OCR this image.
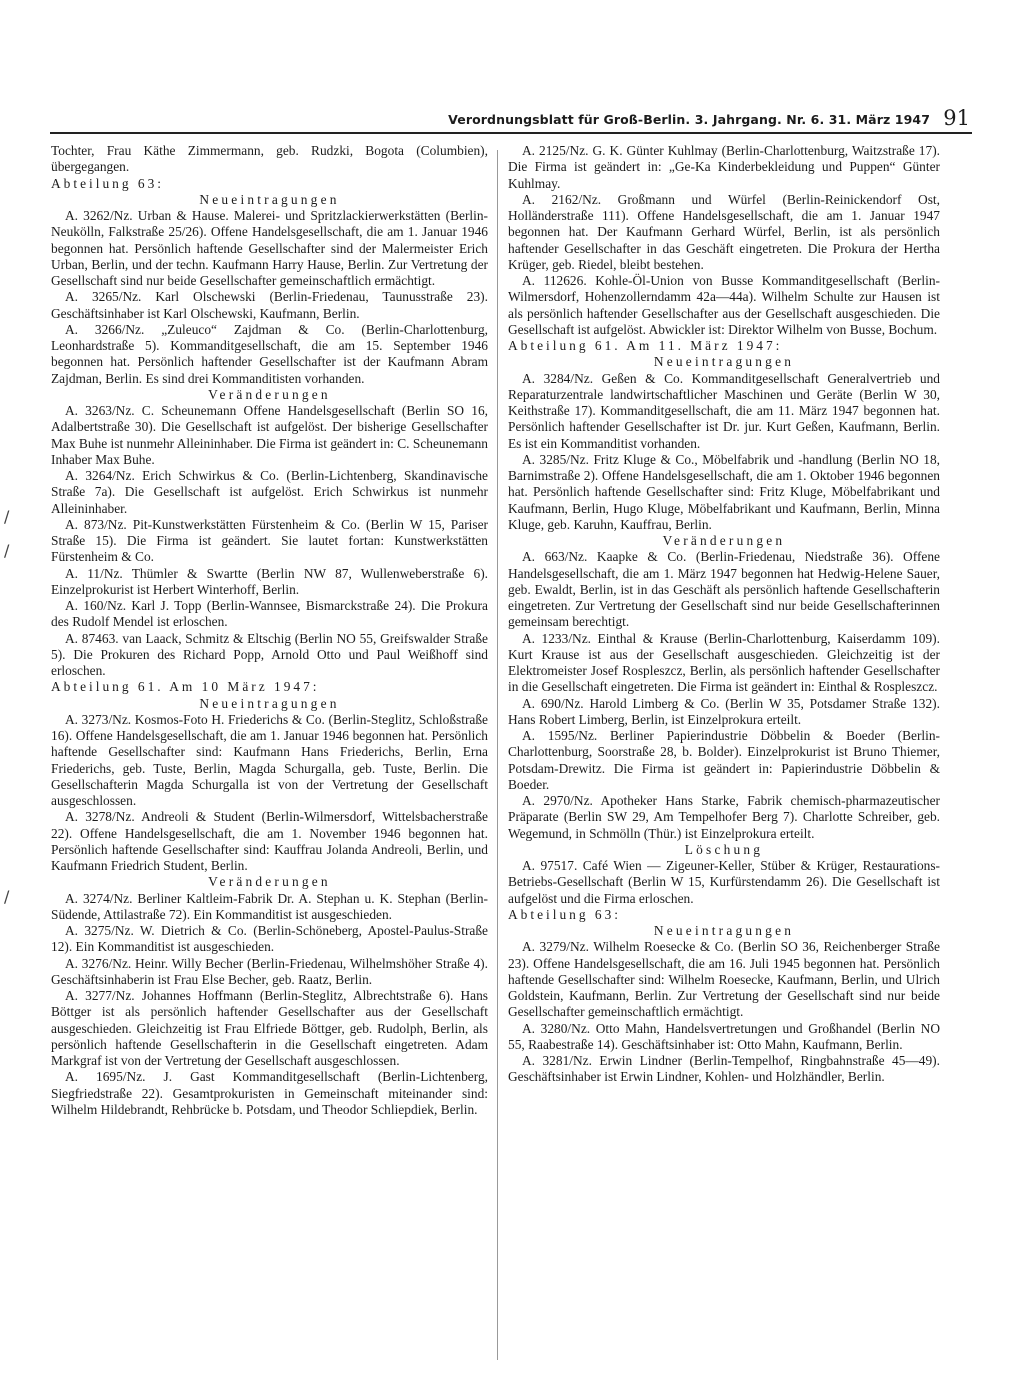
Verordnungsblatt für Groß-Berlin. 3. Jahrgang. Nr. 6. 31. März 1947 91
/
/
/

Tochter, Frau Käthe Zimmermann, geb. Rudzki, Bogota (Columbien), übergegangen.

Abteilung 63:

Neueintragungen

A. 3262/Nz. Urban & Hause. Malerei- und Spritzlackierwerkstätten (Berlin-Neukölln, Falkstraße 25/26). Offene Handelsgesellschaft, die am 1. Januar 1946 begonnen hat. Persönlich haftende Gesellschafter sind der Malermeister Erich Urban, Berlin, und der techn. Kaufmann Harry Hause, Berlin. Zur Vertretung der Gesellschaft sind nur beide Gesellschafter gemeinschaftlich ermächtigt.

A. 3265/Nz. Karl Olschewski (Berlin-Friedenau, Taunusstraße 23). Geschäftsinhaber ist Karl Olschewski, Kaufmann, Berlin.

A. 3266/Nz. „Zuleuco“ Zajdman & Co. (Berlin-Charlottenburg, Leonhardstraße 5). Kommanditgesellschaft, die am 15. September 1946 begonnen hat. Persönlich haftender Gesellschafter ist der Kaufmann Abram Zajdman, Berlin. Es sind drei Kommanditisten vorhanden.

Veränderungen

A. 3263/Nz. C. Scheunemann Offene Handelsgesellschaft (Berlin SO 16, Adalbertstraße 30). Die Gesellschaft ist aufgelöst. Der bisherige Gesellschafter Max Buhe ist nunmehr Alleininhaber. Die Firma ist geändert in: C. Scheunemann Inhaber Max Buhe.

A. 3264/Nz. Erich Schwirkus & Co. (Berlin-Lichtenberg, Skandinavische Straße 7a). Die Gesellschaft ist aufgelöst. Erich Schwirkus ist nunmehr Alleininhaber.

A. 873/Nz. Pit-Kunstwerkstätten Fürstenheim & Co. (Berlin W 15, Pariser Straße 15). Die Firma ist geändert. Sie lautet fortan: Kunstwerkstätten Fürstenheim & Co.

A. 11/Nz. Thümler & Swartte (Berlin NW 87, Wullenweberstraße 6). Einzelprokurist ist Herbert Winterhoff, Berlin.

A. 160/Nz. Karl J. Topp (Berlin-Wannsee, Bismarckstraße 24). Die Prokura des Rudolf Mendel ist erloschen.

A. 87463. van Laack, Schmitz & Eltschig (Berlin NO 55, Greifswalder Straße 5). Die Prokuren des Richard Popp, Arnold Otto und Paul Weißhoff sind erloschen.

Abteilung 61. Am 10 März 1947:

Neueintragungen

A. 3273/Nz. Kosmos-Foto H. Friederichs & Co. (Berlin-Steglitz, Schloßstraße 16). Offene Handelsgesellschaft, die am 1. Januar 1946 begonnen hat. Persönlich haftende Gesellschafter sind: Kaufmann Hans Friederichs, Berlin, Erna Friederichs, geb. Tuste, Berlin, Magda Schurgalla, geb. Tuste, Berlin. Die Gesellschafterin Magda Schurgalla ist von der Vertretung der Gesellschaft ausgeschlossen.

A. 3278/Nz. Andreoli & Student (Berlin-Wilmersdorf, Wittelsbacherstraße 22). Offene Handelsgesellschaft, die am 1. November 1946 begonnen hat. Persönlich haftende Gesellschafter sind: Kauffrau Jolanda Andreoli, Berlin, und Kaufmann Friedrich Student, Berlin.

Veränderungen

A. 3274/Nz. Berliner Kaltleim-Fabrik Dr. A. Stephan u. K. Stephan (Berlin-Südende, Attilastraße 72). Ein Kommanditist ist ausgeschieden.

A. 3275/Nz. W. Dietrich & Co. (Berlin-Schöneberg, Apostel-Paulus-Straße 12). Ein Kommanditist ist ausgeschieden.

A. 3276/Nz. Heinr. Willy Becher (Berlin-Friedenau, Wilhelmshöher Straße 4). Geschäftsinhaberin ist Frau Else Becher, geb. Raatz, Berlin.

A. 3277/Nz. Johannes Hoffmann (Berlin-Steglitz, Albrechtstraße 6). Hans Böttger ist als persönlich haftender Gesellschafter aus der Gesellschaft ausgeschieden. Gleichzeitig ist Frau Elfriede Böttger, geb. Rudolph, Berlin, als persönlich haftende Gesellschafterin in die Gesellschaft eingetreten. Adam Markgraf ist von der Vertretung der Gesellschaft ausgeschlossen.

A. 1695/Nz. J. Gast Kommanditgesellschaft (Berlin-Lichtenberg, Siegfriedstraße 22). Gesamtprokuristen in Gemeinschaft miteinander sind: Wilhelm Hildebrandt, Rehbrücke b. Potsdam, und Theodor Schliepdiek, Berlin.

A. 2125/Nz. G. K. Günter Kuhlmay (Berlin-Charlottenburg, Waitzstraße 17). Die Firma ist geändert in: „Ge-Ka Kinderbekleidung und Puppen“ Günter Kuhlmay.

A. 2162/Nz. Großmann und Würfel (Berlin-Reinickendorf Ost, Holländerstraße 111). Offene Handelsgesellschaft, die am 1. Januar 1947 begonnen hat. Der Kaufmann Gerhard Würfel, Berlin, ist als persönlich haftender Gesellschafter in das Geschäft eingetreten. Die Prokura der Hertha Krüger, geb. Riedel, bleibt bestehen.

A. 112626. Kohle-Öl-Union von Busse Kommanditgesellschaft (Berlin-Wilmersdorf, Hohenzollerndamm 42a—44a). Wilhelm Schulte zur Hausen ist als persönlich haftender Gesellschafter aus der Gesellschaft ausgeschieden. Die Gesellschaft ist aufgelöst. Abwickler ist: Direktor Wilhelm von Busse, Bochum.

Abteilung 61. Am 11. März 1947:

Neueintragungen

A. 3284/Nz. Geßen & Co. Kommanditgesellschaft Generalvertrieb und Reparaturzentrale landwirtschaftlicher Maschinen und Geräte (Berlin W 30, Keithstraße 17). Kommanditgesellschaft, die am 11. März 1947 begonnen hat. Persönlich haftender Gesellschafter ist Dr. jur. Kurt Geßen, Kaufmann, Berlin. Es ist ein Kommanditist vorhanden.

A. 3285/Nz. Fritz Kluge & Co., Möbelfabrik und -handlung (Berlin NO 18, Barnimstraße 2). Offene Handelsgesellschaft, die am 1. Oktober 1946 begonnen hat. Persönlich haftende Gesellschafter sind: Fritz Kluge, Möbelfabrikant und Kaufmann, Berlin, Hugo Kluge, Möbelfabrikant und Kaufmann, Berlin, Minna Kluge, geb. Karuhn, Kauffrau, Berlin.

Veränderungen

A. 663/Nz. Kaapke & Co. (Berlin-Friedenau, Niedstraße 36). Offene Handelsgesellschaft, die am 1. März 1947 begonnen hat Hedwig-Helene Sauer, geb. Ewaldt, Berlin, ist in das Geschäft als persönlich haftende Gesellschafterin eingetreten. Zur Vertretung der Gesellschaft sind nur beide Gesellschafterinnen gemeinsam berechtigt.

A. 1233/Nz. Einthal & Krause (Berlin-Charlottenburg, Kaiserdamm 109). Kurt Krause ist aus der Gesellschaft ausgeschieden. Gleichzeitig ist der Elektromeister Josef Rospleszcz, Berlin, als persönlich haftender Gesellschafter in die Gesellschaft eingetreten. Die Firma ist geändert in: Einthal & Rospleszcz.

A. 690/Nz. Harold Limberg & Co. (Berlin W 35, Potsdamer Straße 132). Hans Robert Limberg, Berlin, ist Einzelprokura erteilt.

A. 1595/Nz. Berliner Papierindustrie Döbbelin & Boeder (Berlin-Charlottenburg, Soorstraße 28, b. Bolder). Einzelprokurist ist Bruno Thiemer, Potsdam-Drewitz. Die Firma ist geändert in: Papierindustrie Döbbelin & Boeder.

A. 2970/Nz. Apotheker Hans Starke, Fabrik chemisch-pharmazeutischer Präparate (Berlin SW 29, Am Tempelhofer Berg 7). Charlotte Schreiber, geb. Wegemund, in Schmölln (Thür.) ist Einzelprokura erteilt.

Löschung

A. 97517. Café Wien — Zigeuner-Keller, Stüber & Krüger, Restaurations-Betriebs-Gesellschaft (Berlin W 15, Kurfürstendamm 26). Die Gesellschaft ist aufgelöst und die Firma erloschen.

Abteilung 63:

Neueintragungen

A. 3279/Nz. Wilhelm Roesecke & Co. (Berlin SO 36, Reichenberger Straße 23). Offene Handelsgesellschaft, die am 16. Juli 1945 begonnen hat. Persönlich haftende Gesellschafter sind: Wilhelm Roesecke, Kaufmann, Berlin, und Ulrich Goldstein, Kaufmann, Berlin. Zur Vertretung der Gesellschaft sind nur beide Gesellschafter gemeinschaftlich ermächtigt.

A. 3280/Nz. Otto Mahn, Handelsvertretungen und Großhandel (Berlin NO 55, Raabestraße 14). Geschäftsinhaber ist: Otto Mahn, Kaufmann, Berlin.

A. 3281/Nz. Erwin Lindner (Berlin-Tempelhof, Ringbahnstraße 45—49). Geschäftsinhaber ist Erwin Lindner, Kohlen- und Holzhändler, Berlin.
